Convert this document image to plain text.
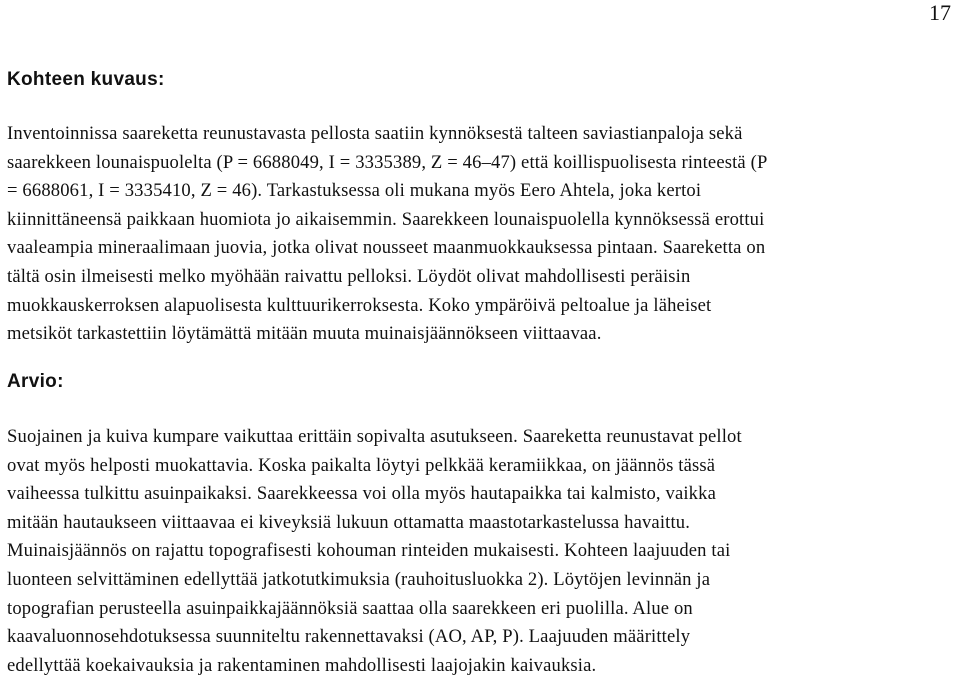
17
Kohteen kuvaus:
Inventoinnissa saareketta reunustavasta pellosta saatiin kynnöksestä talteen saviastianpaloja sekä
saarekkeen lounaispuolelta (P = 6688049, I = 3335389, Z = 46–47) että koillispuolisesta rinteestä (P
= 6688061, I = 3335410, Z = 46). Tarkastuksessa oli mukana myös Eero Ahtela, joka kertoi
kiinnittäneensä paikkaan huomiota jo aikaisemmin. Saarekkeen lounaispuolella kynnöksessä erottui
vaaleampia mineraalimaan juovia, jotka olivat nousseet maanmuokkauksessa pintaan. Saareketta on
tältä osin ilmeisesti melko myöhään raivattu pelloksi. Löydöt olivat mahdollisesti peräisin
muokkauskerroksen alapuolisesta kulttuurikerroksesta. Koko ympäröivä peltoalue ja läheiset
metsiköt tarkastettiin löytämättä mitään muuta muinaisjäännökseen viittaavaa.
Arvio:
Suojainen ja kuiva kumpare vaikuttaa erittäin sopivalta asutukseen. Saareketta reunustavat pellot
ovat myös helposti muokattavia. Koska paikalta löytyi pelkkää keramiikkaa, on jäännös tässä
vaiheessa tulkittu asuinpaikaksi. Saarekkeessa voi olla myös hautapaikka tai kalmisto, vaikka
mitään hautaukseen viittaavaa ei kiveyksiä lukuun ottamatta maastotarkastelussa havaittu.
Muinaisjäännös on rajattu topografisesti kohouman rinteiden mukaisesti. Kohteen laajuuden tai
luonteen selvittäminen edellyttää jatkotutkimuksia (rauhoitusluokka 2). Löytöjen levinnän ja
topografian perusteella asuinpaikkajäännöksiä saattaa olla saarekkeen eri puolilla. Alue on
kaavaluonnosehdotuksessa suunniteltu rakennettavaksi (AO, AP, P). Laajuuden määrittely
edellyttää koekaivauksia ja rakentaminen mahdollisesti laajojakin kaivauksia.
